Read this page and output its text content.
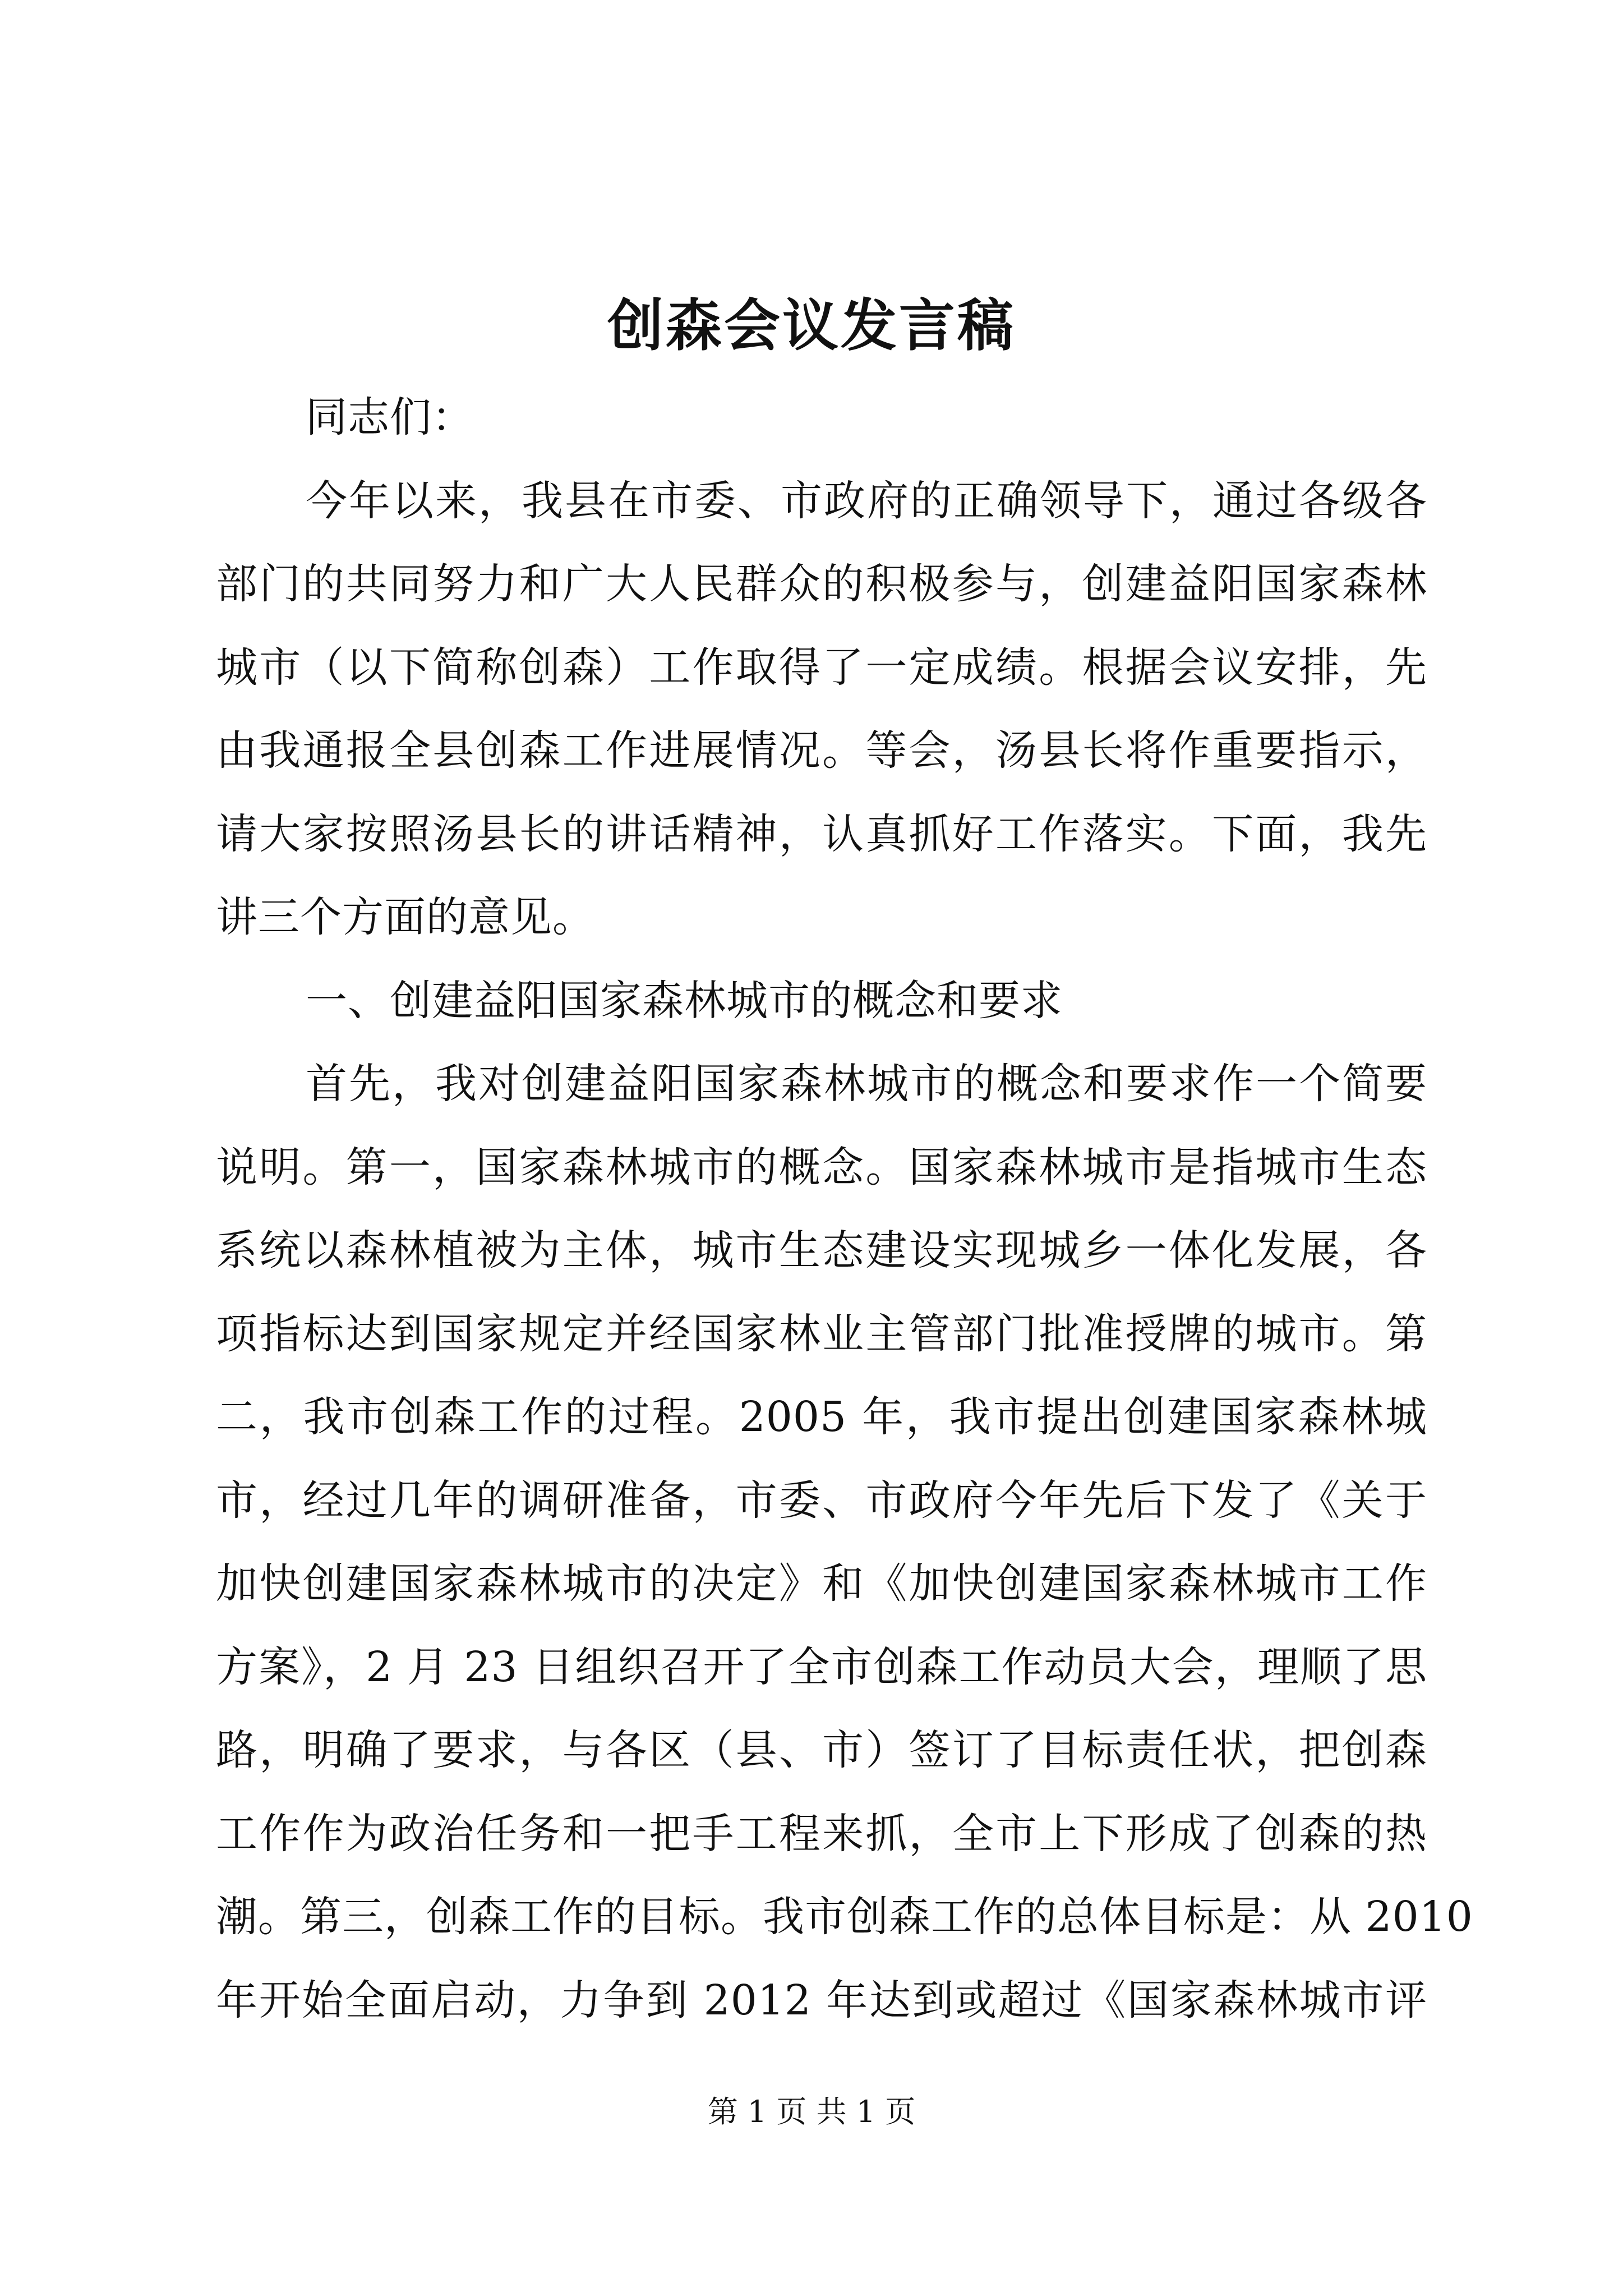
创森会议发言稿
同志们：
今年以来，我县在市委、市政府的正确领导下，通过各级各
部门的共同努力和广大人民群众的积极参与，创建益阳国家森林
城市（以下简称创森）工作取得了一定成绩。根据会议安排，先
由我通报全县创森工作进展情况。等会，汤县长将作重要指示，
请大家按照汤县长的讲话精神，认真抓好工作落实。下面，我先
讲三个方面的意见。
一、创建益阳国家森林城市的概念和要求
首先，我对创建益阳国家森林城市的概念和要求作一个简要
说明。第一，国家森林城市的概念。国家森林城市是指城市生态
系统以森林植被为主体，城市生态建设实现城乡一体化发展，各
项指标达到国家规定并经国家林业主管部门批准授牌的城市。第
二，我市创森工作的过程。2005 年，我市提出创建国家森林城
市，经过几年的调研准备，市委、市政府今年先后下发了《关于
加快创建国家森林城市的决定》和《加快创建国家森林城市工作
方案》，2 月 23 日组织召开了全市创森工作动员大会，理顺了思
路，明确了要求，与各区（县、市）签订了目标责任状，把创森
工作作为政治任务和一把手工程来抓，全市上下形成了创森的热
潮。第三，创森工作的目标。我市创森工作的总体目标是：从 2010
年开始全面启动，力争到 2012 年达到或超过《国家森林城市评
第 1 页 共 1 页
